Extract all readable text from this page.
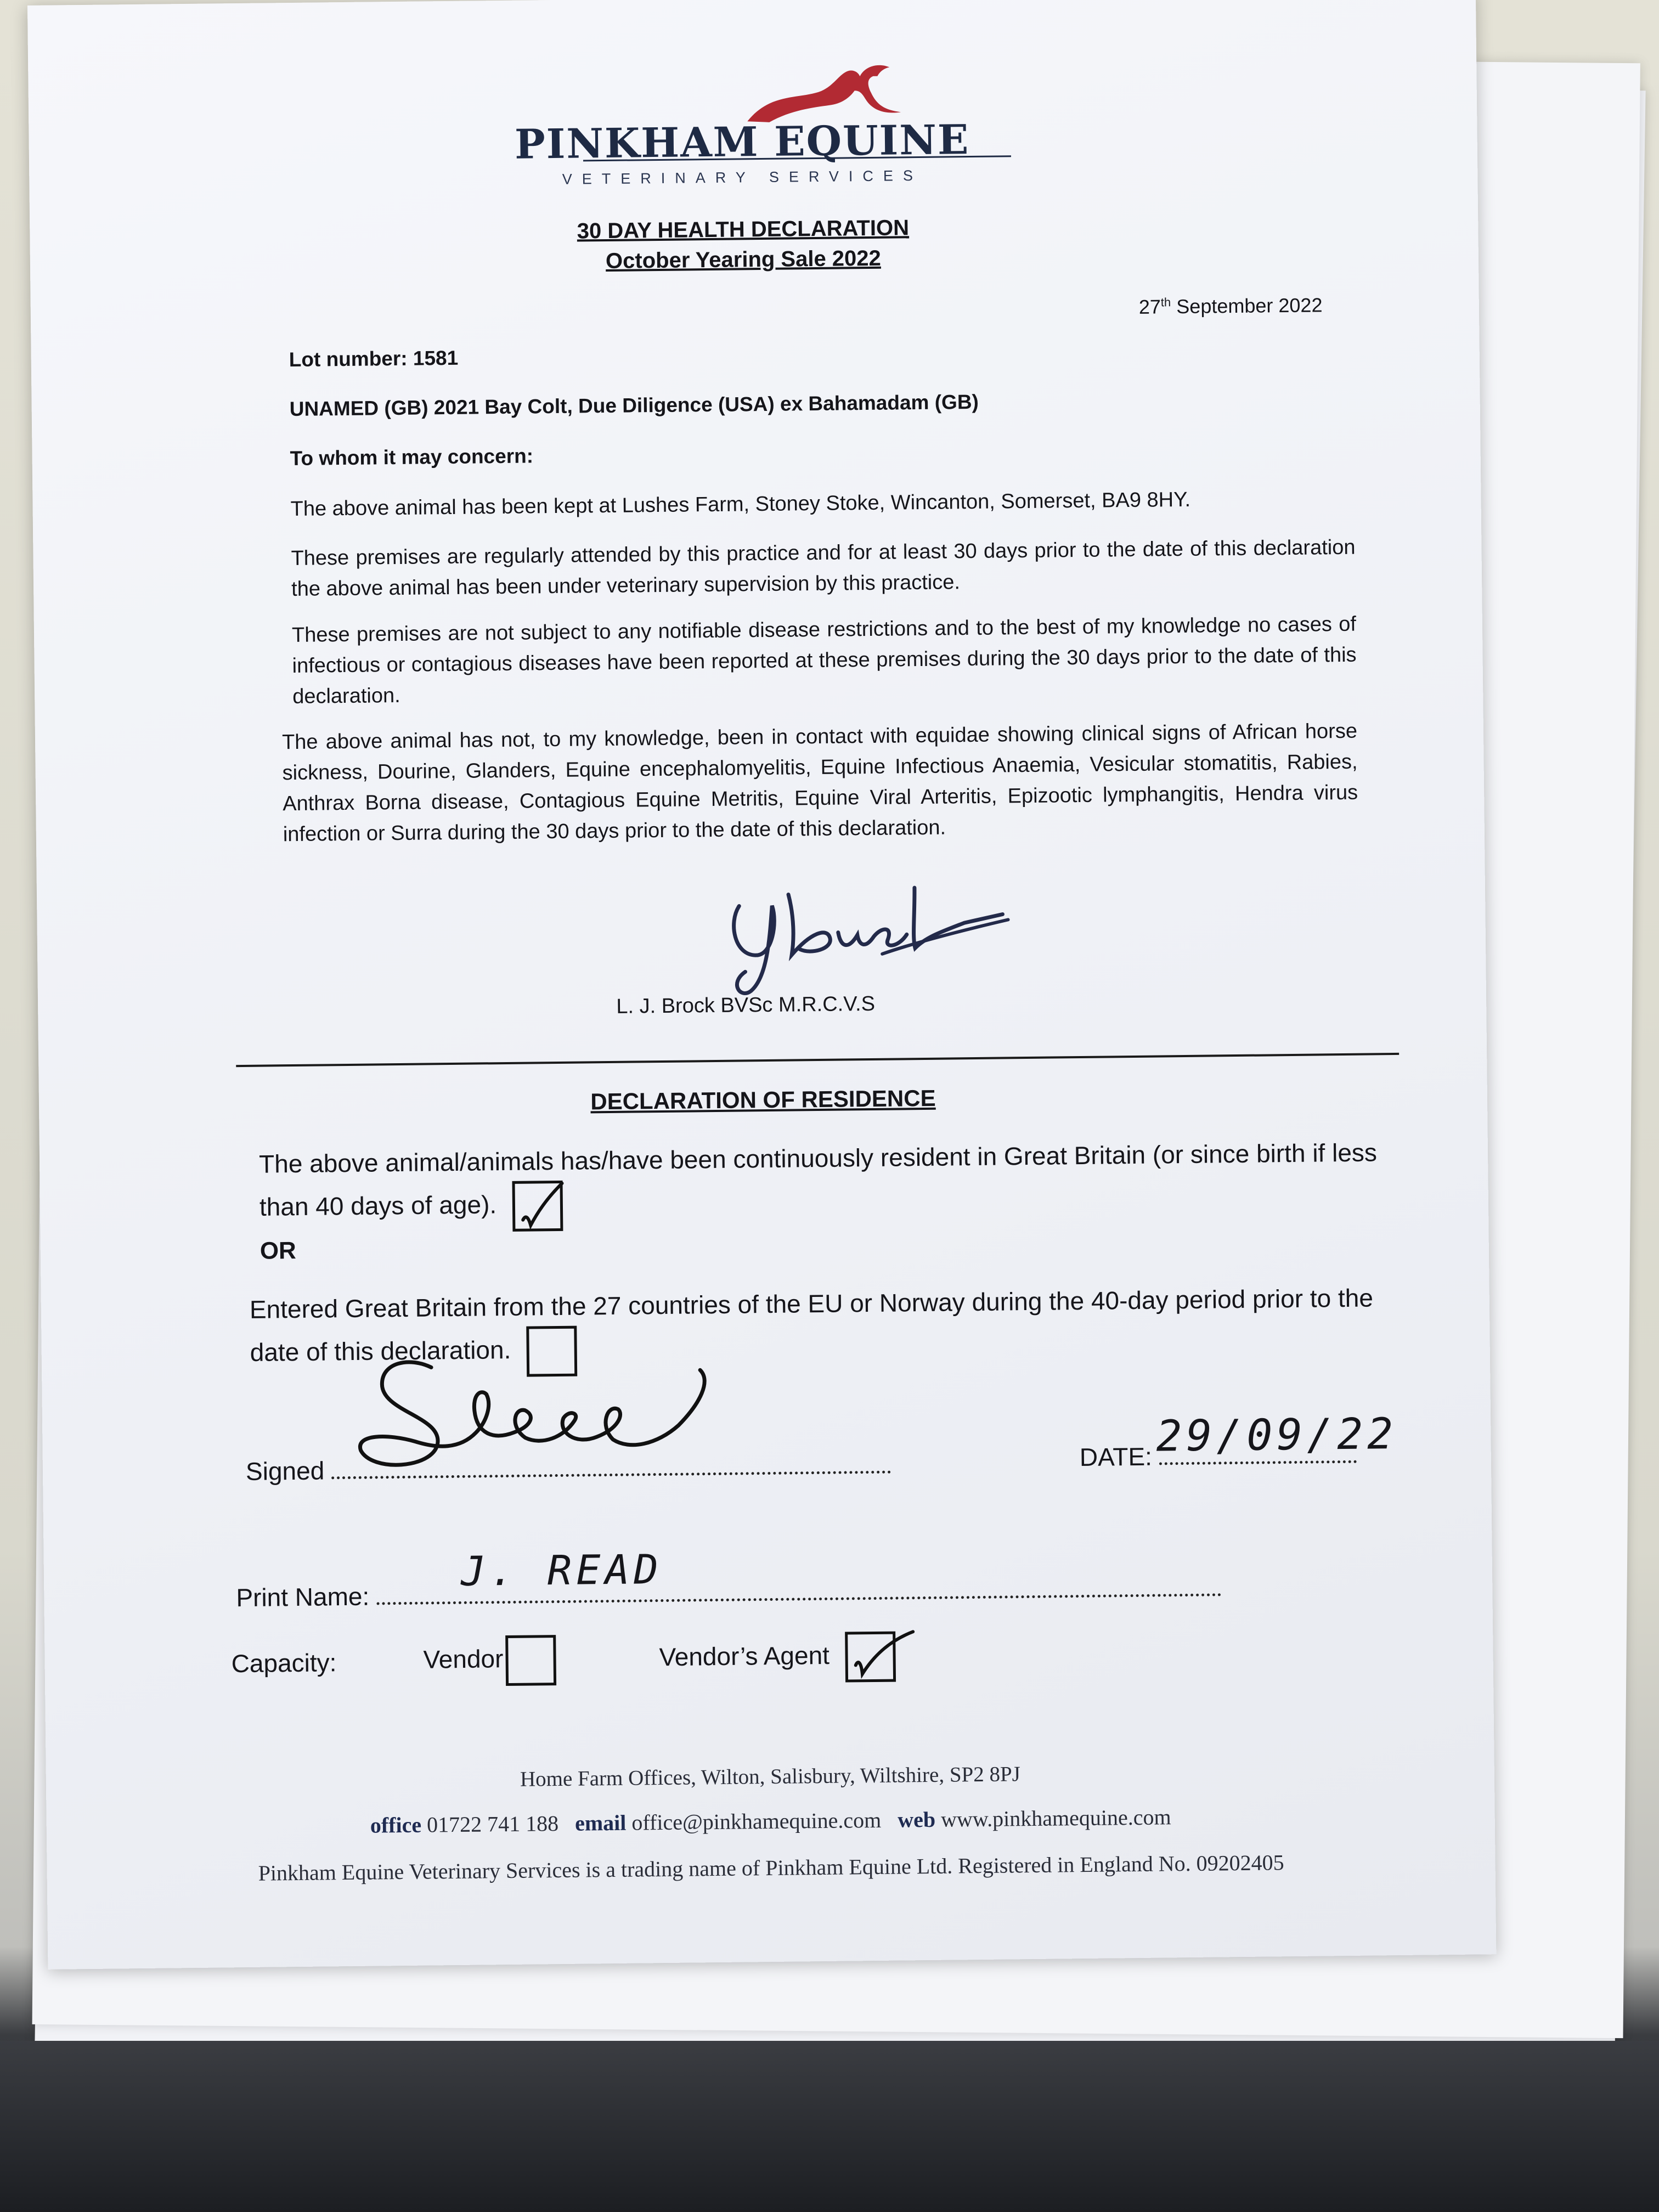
PINKHAM EQUINE
VETERINARY SERVICES
30 DAY HEALTH DECLARATION
October Yearing Sale 2022
27th September 2022
Lot number: 1581
UNAMED (GB) 2021 Bay Colt, Due Diligence (USA) ex Bahamadam (GB)
To whom it may concern:
The above animal has been kept at Lushes Farm, Stoney Stoke, Wincanton, Somerset, BA9 8HY.
These premises are regularly attended by this practice and for at least 30 days prior to the date of this declaration the above animal has been under veterinary supervision by this practice.
These premises are not subject to any notifiable disease restrictions and to the best of my knowledge no cases of infectious or contagious diseases have been reported at these premises during the 30 days prior to the date of this declaration.
The above animal has not, to my knowledge, been in contact with equidae showing clinical signs of African horse sickness, Dourine, Glanders, Equine encephalomyelitis, Equine Infectious Anaemia, Vesicular stomatitis, Rabies, Anthrax Borna disease, Contagious Equine Metritis, Equine Viral Arteritis, Epizootic lymphangitis, Hendra virus infection or Surra during the 30 days prior to the date of this declaration.
L. J. Brock BVSc M.R.C.V.S
DECLARATION OF RESIDENCE
The above animal/animals has/have been continuously resident in Great Britain (or since birth if less than 40 days of age).
OR
Entered Great Britain from the 27 countries of the EU or Norway during the 40-day period prior to the date of this declaration.
Signed	DATE: 29/09/22
Print Name:
J. READ
Capacity:	Vendor	Vendor’s Agent
Home Farm Offices, Wilton, Salisbury, Wiltshire, SP2 8PJ
office 01722 741 188 email office@pinkhamequine.com web www.pinkhamequine.com
Pinkham Equine Veterinary Services is a trading name of Pinkham Equine Ltd. Registered in England No. 09202405
